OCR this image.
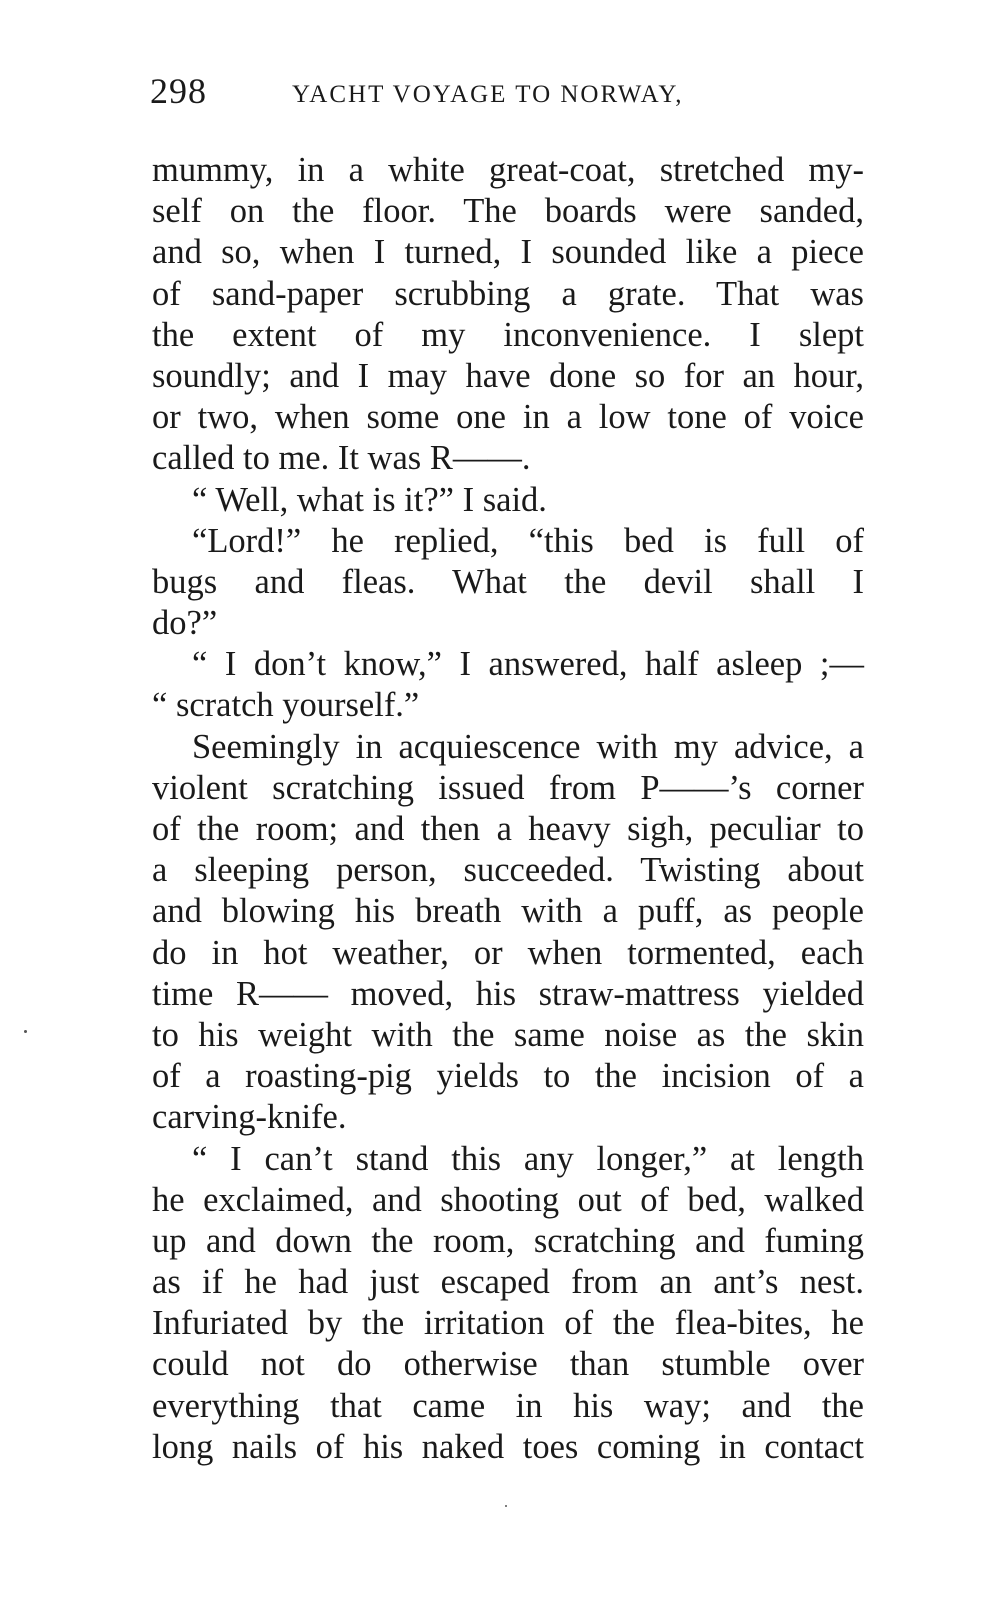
298	YACHT VOYAGE TO NORWAY,
mummy, in a white great-coat, stretched my-
self on the floor. The boards were sanded,
and so, when I turned, I sounded like a piece
of sand-paper scrubbing a grate. That was
the extent of my inconvenience. I slept
soundly; and I may have done so for an hour,
or two, when some one in a low tone of voice
called to me. It was R——.
“ Well, what is it?” I said.
“Lord!” he replied, “this bed is full of
bugs and fleas. What the devil shall I
do?”
“ I don’t know,” I answered, half asleep ;—
“ scratch yourself.”
Seemingly in acquiescence with my advice, a
violent scratching issued from P——’s corner
of the room; and then a heavy sigh, peculiar to
a sleeping person, succeeded. Twisting about
and blowing his breath with a puff, as people
do in hot weather, or when tormented, each
time R—— moved, his straw-mattress yielded
to his weight with the same noise as the skin
of a roasting-pig yields to the incision of a
carving-knife.
“ I can’t stand this any longer,” at length
he exclaimed, and shooting out of bed, walked
up and down the room, scratching and fuming
as if he had just escaped from an ant’s nest.
Infuriated by the irritation of the flea-bites, he
could not do otherwise than stumble over
everything that came in his way; and the
long nails of his naked toes coming in contact
